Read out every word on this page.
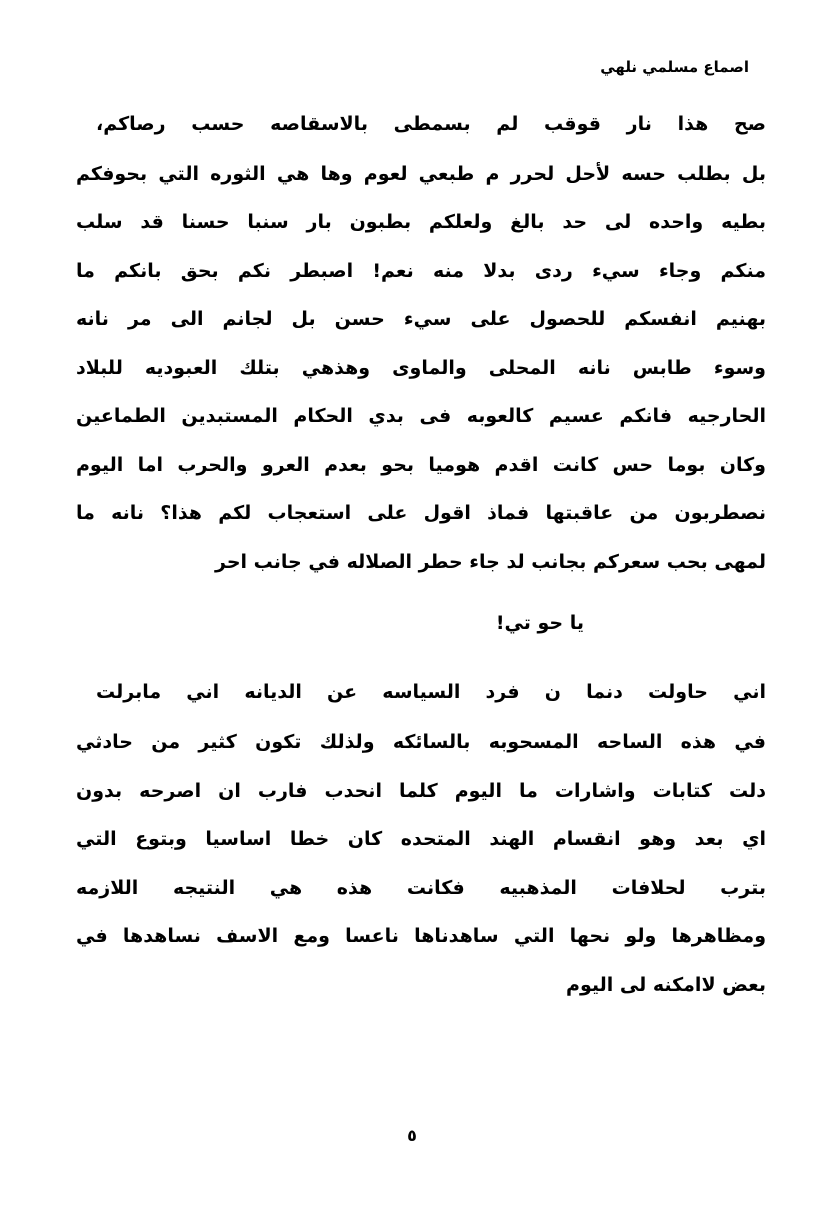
اصماع مسلمي نلهي
صح هذا نار قوقب لم بسمطى بالاسقاصه حسب رصاكم،
بل بطلب حسه لأحل لحرر م طبعي لعوم وها هي الثوره التي بحوفكم
بطيه واحده لى حد بالغ ولعلكم بطبون بار سنبا حسنا قد سلب
منكم وجاء سيء ردى بدلا منه نعم! اصبطر نكم بحق بانكم ما
بهنيم انفسكم للحصول على سيء حسن بل لجانم الى مر نانه
وسوء طابس نانه المحلى والماوى وهذهي بتلك العبوديه للبلاد
الحارجيه فانكم عسيم كالعوبه فى بدي الحكام المستبدين الطماعين
وكان بوما حس كانت اقدم هوميا بحو بعدم العرو والحرب اما اليوم
نصطربون من عاقبتها فماذ اقول على استعجاب لكم هذا؟ نانه ما
لمهى بحب سعركم بجانب لد جاء حطر الصلاله في جانب احر
يا حو تي!
اني حاولت دنما ن فرد السياسه عن الديانه اني مابرلت
في هذه الساحه المسحوبه بالسائكه ولذلك تكون كثير من حادثي
دلت كتابات واشارات ما اليوم كلما انحدب فارب ان اصرحه بدون
اي بعد وهو انقسام الهند المتحده كان خطا اساسيا وبتوع التي
بترب لحلافات المذهبيه فكانت هذه هي النتيجه اللازمه
ومظاهرها ولو نحها التي ساهدناها ناعسا ومع الاسف نساهدها في
بعض لاامكنه لى اليوم
٥
